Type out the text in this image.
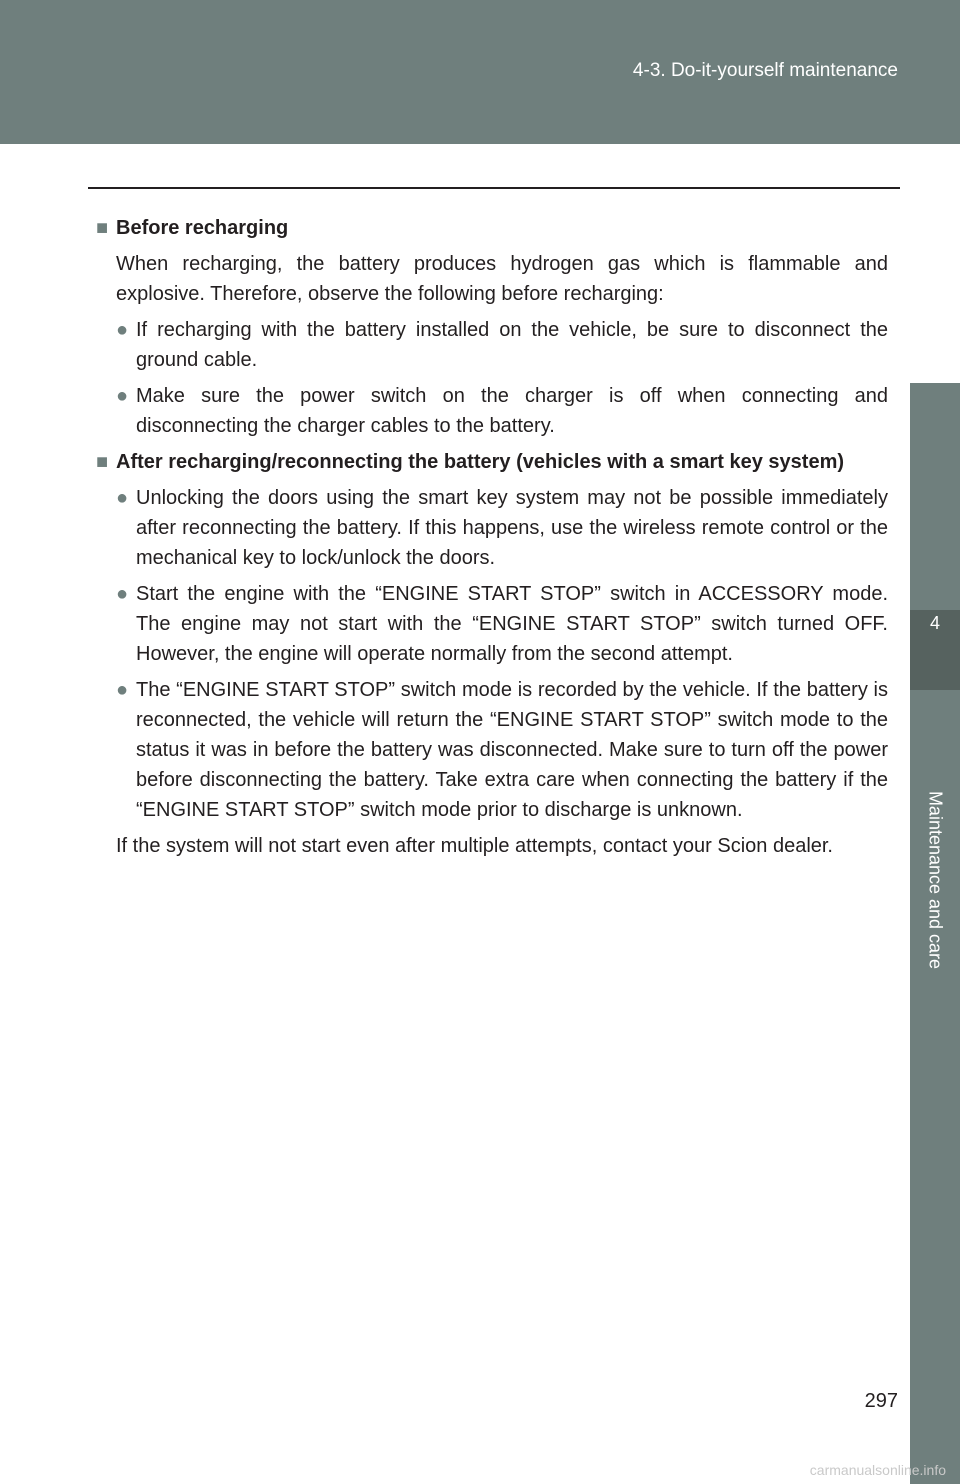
4-3. Do-it-yourself maintenance
4
Maintenance and care
■ Before recharging
When recharging, the battery produces hydrogen gas which is flammable and explosive. Therefore, observe the following before recharging:
● If recharging with the battery installed on the vehicle, be sure to disconnect the ground cable.
● Make sure the power switch on the charger is off when connecting and disconnecting the charger cables to the battery.
■ After recharging/reconnecting the battery (vehicles with a smart key system)
● Unlocking the doors using the smart key system may not be possible immediately after reconnecting the battery. If this happens, use the wireless remote control or the mechanical key to lock/unlock the doors.
● Start the engine with the “ENGINE START STOP” switch in ACCESSORY mode. The engine may not start with the “ENGINE START STOP” switch turned OFF. However, the engine will operate normally from the second attempt.
● The “ENGINE START STOP” switch mode is recorded by the vehicle. If the battery is reconnected, the vehicle will return the “ENGINE START STOP” switch mode to the status it was in before the battery was disconnected. Make sure to turn off the power before disconnecting the battery. Take extra care when connecting the battery if the “ENGINE START STOP” switch mode prior to discharge is unknown.
If the system will not start even after multiple attempts, contact your Scion dealer.
297
carmanualsonline.info
